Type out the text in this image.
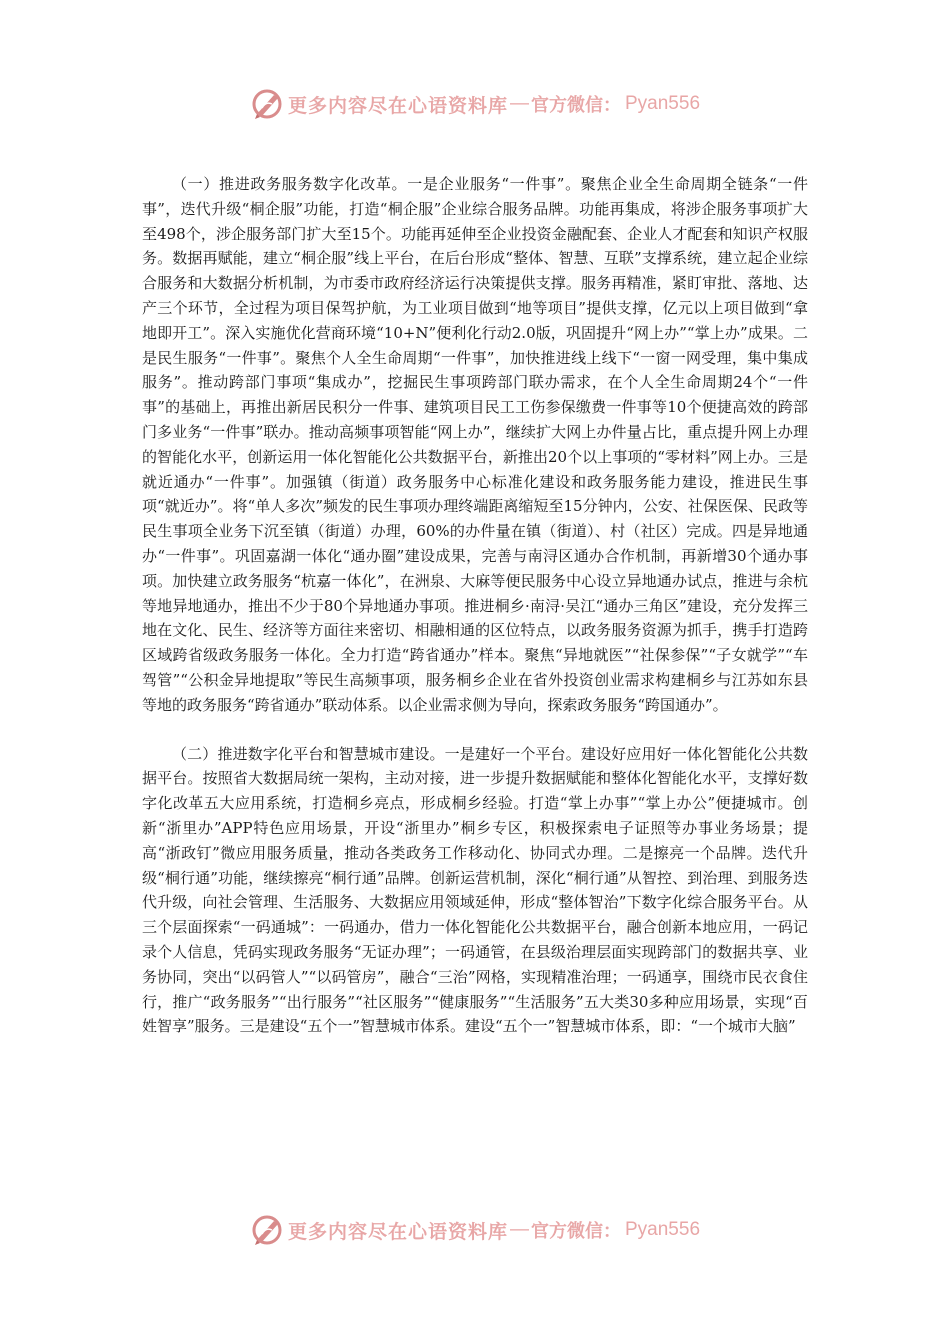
更多内容尽在心语资料库 — 官方微信： Pyan556

（一）推进政务服务数字化改革。一是企业服务“一件事”。聚焦企业全生命周期全链条“一件事”，迭代升级“桐企服”功能，打造“桐企服”企业综合服务品牌。功能再集成，将涉企服务事项扩大至498个，涉企服务部门扩大至15个。功能再延伸至企业投资金融配套、企业人才配套和知识产权服务。数据再赋能，建立“桐企服”线上平台，在后台形成“整体、智慧、互联”支撑系统，建立起企业综合服务和大数据分析机制，为市委市政府经济运行决策提供支撑。服务再精准，紧盯审批、落地、达产三个环节，全过程为项目保驾护航，为工业项目做到“地等项目”提供支撑，亿元以上项目做到“拿地即开工”。深入实施优化营商环境“10+N”便利化行动2.0版，巩固提升“网上办”“掌上办”成果。二是民生服务“一件事”。聚焦个人全生命周期“一件事”，加快推进线上线下“一窗一网受理，集中集成服务”。推动跨部门事项“集成办”，挖掘民生事项跨部门联办需求，在个人全生命周期24个“一件事”的基础上，再推出新居民积分一件事、建筑项目民工工伤参保缴费一件事等10个便捷高效的跨部门多业务“一件事”联办。推动高频事项智能“网上办”，继续扩大网上办件量占比，重点提升网上办理的智能化水平，创新运用一体化智能化公共数据平台，新推出20个以上事项的“零材料”网上办。三是就近通办“一件事”。加强镇（街道）政务服务中心标准化建设和政务服务能力建设，推进民生事项“就近办”。将“单人多次”频发的民生事项办理终端距离缩短至15分钟内，公安、社保医保、民政等民生事项全业务下沉至镇（街道）办理，60%的办件量在镇（街道）、村（社区）完成。四是异地通办“一件事”。巩固嘉湖一体化“通办圈”建设成果，完善与南浔区通办合作机制，再新增30个通办事项。加快建立政务服务“杭嘉一体化”，在洲泉、大麻等便民服务中心设立异地通办试点，推进与余杭等地异地通办，推出不少于80个异地通办事项。推进桐乡·南浔·吴江“通办三角区”建设，充分发挥三地在文化、民生、经济等方面往来密切、相融相通的区位特点，以政务服务资源为抓手，携手打造跨区域跨省级政务服务一体化。全力打造“跨省通办”样本。聚焦“异地就医”“社保参保”“子女就学”“车驾管”“公积金异地提取”等民生高频事项，服务桐乡企业在省外投资创业需求构建桐乡与江苏如东县等地的政务服务“跨省通办”联动体系。以企业需求侧为导向，探索政务服务“跨国通办”。

（二）推进数字化平台和智慧城市建设。一是建好一个平台。建设好应用好一体化智能化公共数据平台。按照省大数据局统一架构，主动对接，进一步提升数据赋能和整体化智能化水平，支撑好数字化改革五大应用系统，打造桐乡亮点，形成桐乡经验。打造“掌上办事”“掌上办公”便捷城市。创新“浙里办”APP特色应用场景，开设“浙里办”桐乡专区，积极探索电子证照等办事业务场景；提高“浙政钉”微应用服务质量，推动各类政务工作移动化、协同式办理。二是擦亮一个品牌。迭代升级“桐行通”功能，继续擦亮“桐行通”品牌。创新运营机制，深化“桐行通”从智控、到治理、到服务迭代升级，向社会管理、生活服务、大数据应用领域延伸，形成“整体智治”下数字化综合服务平台。从三个层面探索“一码通城”：一码通办，借力一体化智能化公共数据平台，融合创新本地应用，一码记录个人信息，凭码实现政务服务“无证办理”；一码通管，在县级治理层面实现跨部门的数据共享、业务协同，突出“以码管人”“以码管房”，融合“三治”网格，实现精准治理；一码通享，围绕市民衣食住行，推广“政务服务”“出行服务”“社区服务”“健康服务”“生活服务”五大类30多种应用场景，实现“百姓智享”服务。三是建设“五个一”智慧城市体系。建设“五个一”智慧城市体系，即：“一个城市大脑”

更多内容尽在心语资料库 — 官方微信： Pyan556
